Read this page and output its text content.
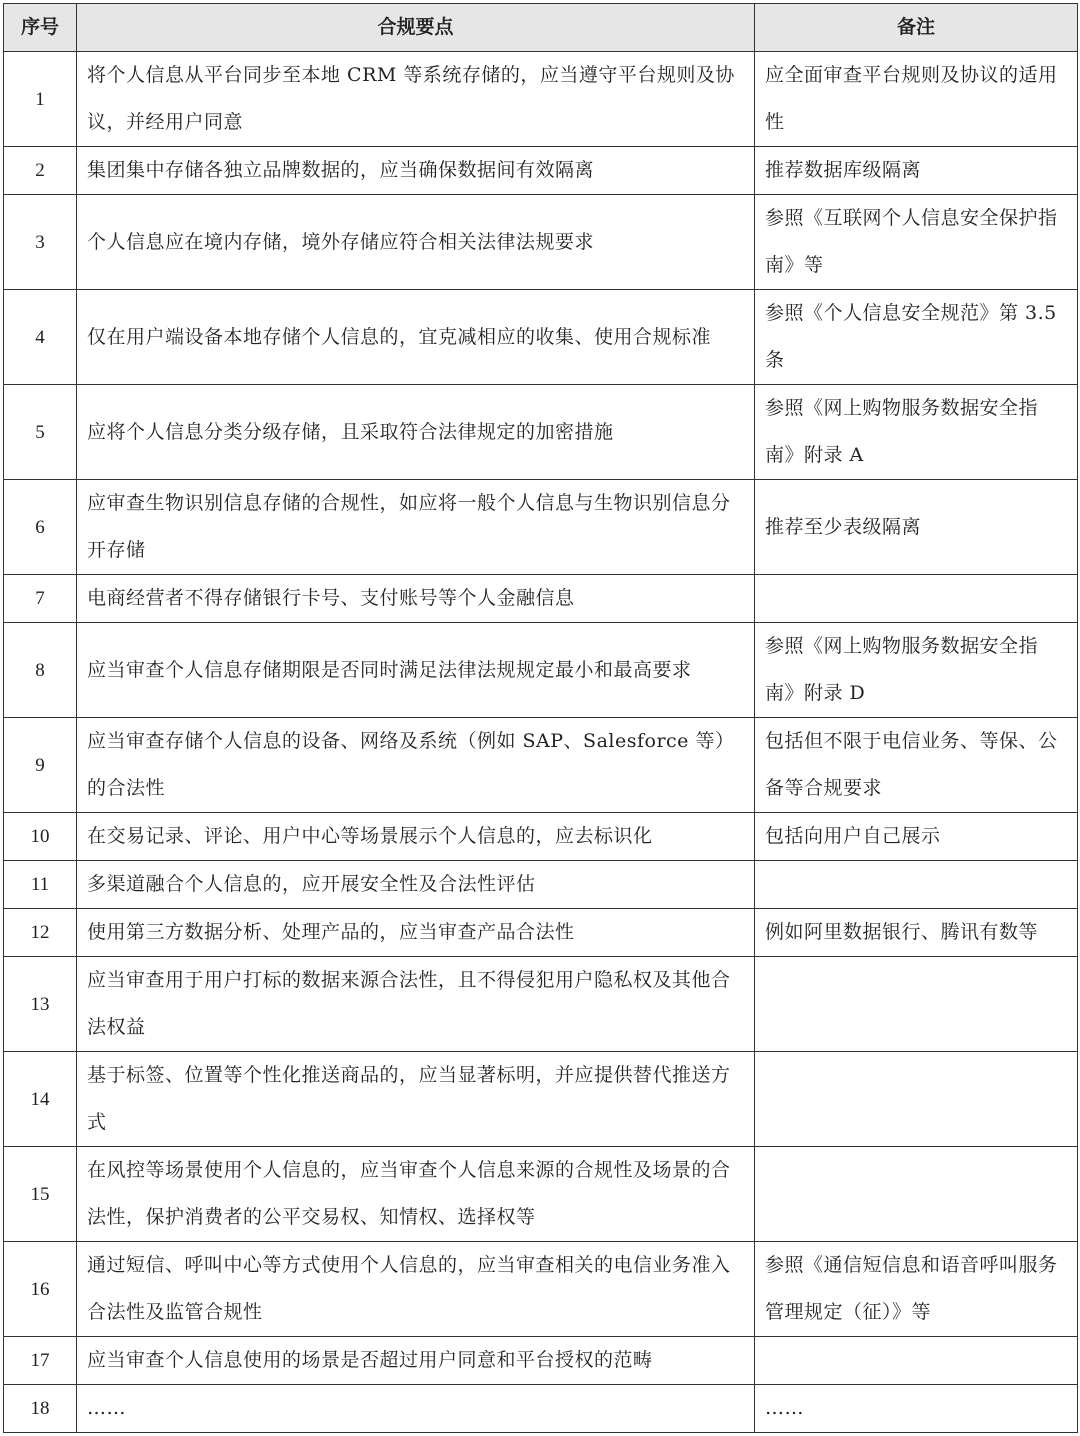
序号	合规要点	备注
1	将个人信息从平台同步至本地 CRM 等系统存储的，应当遵守平台规则及协议，并经用户同意	应全面审查平台规则及协议的适用性
2	集团集中存储各独立品牌数据的，应当确保数据间有效隔离	推荐数据库级隔离
3	个人信息应在境内存储，境外存储应符合相关法律法规要求	参照《互联网个人信息安全保护指南》等
4	仅在用户端设备本地存储个人信息的，宜克减相应的收集、使用合规标准	参照《个人信息安全规范》第 3.5 条
5	应将个人信息分类分级存储，且采取符合法律规定的加密措施	参照《网上购物服务数据安全指南》附录 A
6	应审查生物识别信息存储的合规性，如应将一般个人信息与生物识别信息分开存储	推荐至少表级隔离
7	电商经营者不得存储银行卡号、支付账号等个人金融信息	
8	应当审查个人信息存储期限是否同时满足法律法规规定最小和最高要求	参照《网上购物服务数据安全指南》附录 D
9	应当审查存储个人信息的设备、网络及系统（例如 SAP、Salesforce 等）的合法性	包括但不限于电信业务、等保、公备等合规要求
10	在交易记录、评论、用户中心等场景展示个人信息的，应去标识化	包括向用户自己展示
11	多渠道融合个人信息的，应开展安全性及合法性评估	
12	使用第三方数据分析、处理产品的，应当审查产品合法性	例如阿里数据银行、腾讯有数等
13	应当审查用于用户打标的数据来源合法性，且不得侵犯用户隐私权及其他合法权益	
14	基于标签、位置等个性化推送商品的，应当显著标明，并应提供替代推送方式	
15	在风控等场景使用个人信息的，应当审查个人信息来源的合规性及场景的合法性，保护消费者的公平交易权、知情权、选择权等	
16	通过短信、呼叫中心等方式使用个人信息的，应当审查相关的电信业务准入合法性及监管合规性	参照《通信短信息和语音呼叫服务管理规定（征）》等
17	应当审查个人信息使用的场景是否超过用户同意和平台授权的范畴	
18	……	……
